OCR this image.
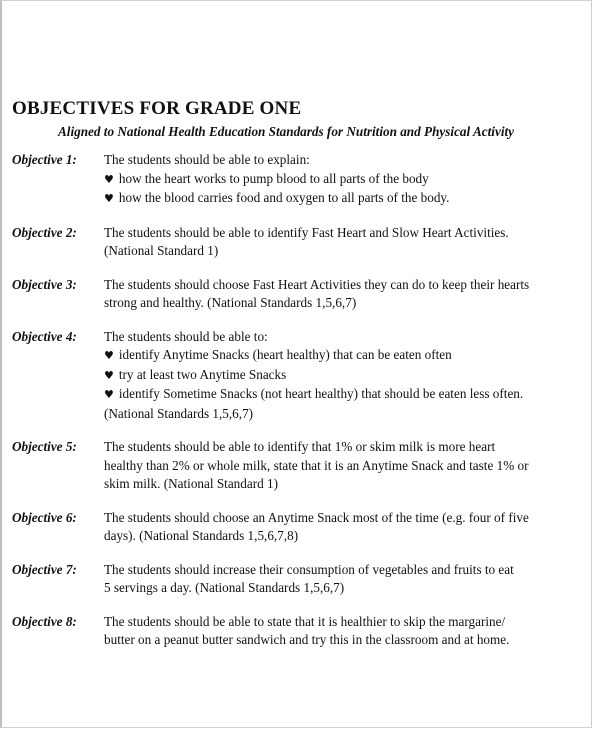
OBJECTIVES FOR GRADE ONE
Aligned to National Health Education Standards for Nutrition and Physical Activity
Objective 1:	The students should be able to explain:
♥ how the heart works to pump blood to all parts of the body
♥ how the blood carries food and oxygen to all parts of the body.
Objective 2:	The students should be able to identify Fast Heart and Slow Heart Activities.
(National Standard 1)
Objective 3:	The students should choose Fast Heart Activities they can do to keep their hearts
strong and healthy. (National Standards 1,5,6,7)
Objective 4:	The students should be able to:
♥ identify Anytime Snacks (heart healthy) that can be eaten often
♥ try at least two Anytime Snacks
♥ identify Sometime Snacks (not heart healthy) that should be eaten less often.
(National Standards 1,5,6,7)
Objective 5:	The students should be able to identify that 1% or skim milk is more heart
healthy than 2% or whole milk, state that it is an Anytime Snack and taste 1% or
skim milk. (National Standard 1)
Objective 6:	The students should choose an Anytime Snack most of the time (e.g. four of five
days). (National Standards 1,5,6,7,8)
Objective 7:	The students should increase their consumption of vegetables and fruits to eat
5 servings a day. (National Standards 1,5,6,7)
Objective 8:	The students should be able to state that it is healthier to skip the margarine/
butter on a peanut butter sandwich and try this in the classroom and at home.
